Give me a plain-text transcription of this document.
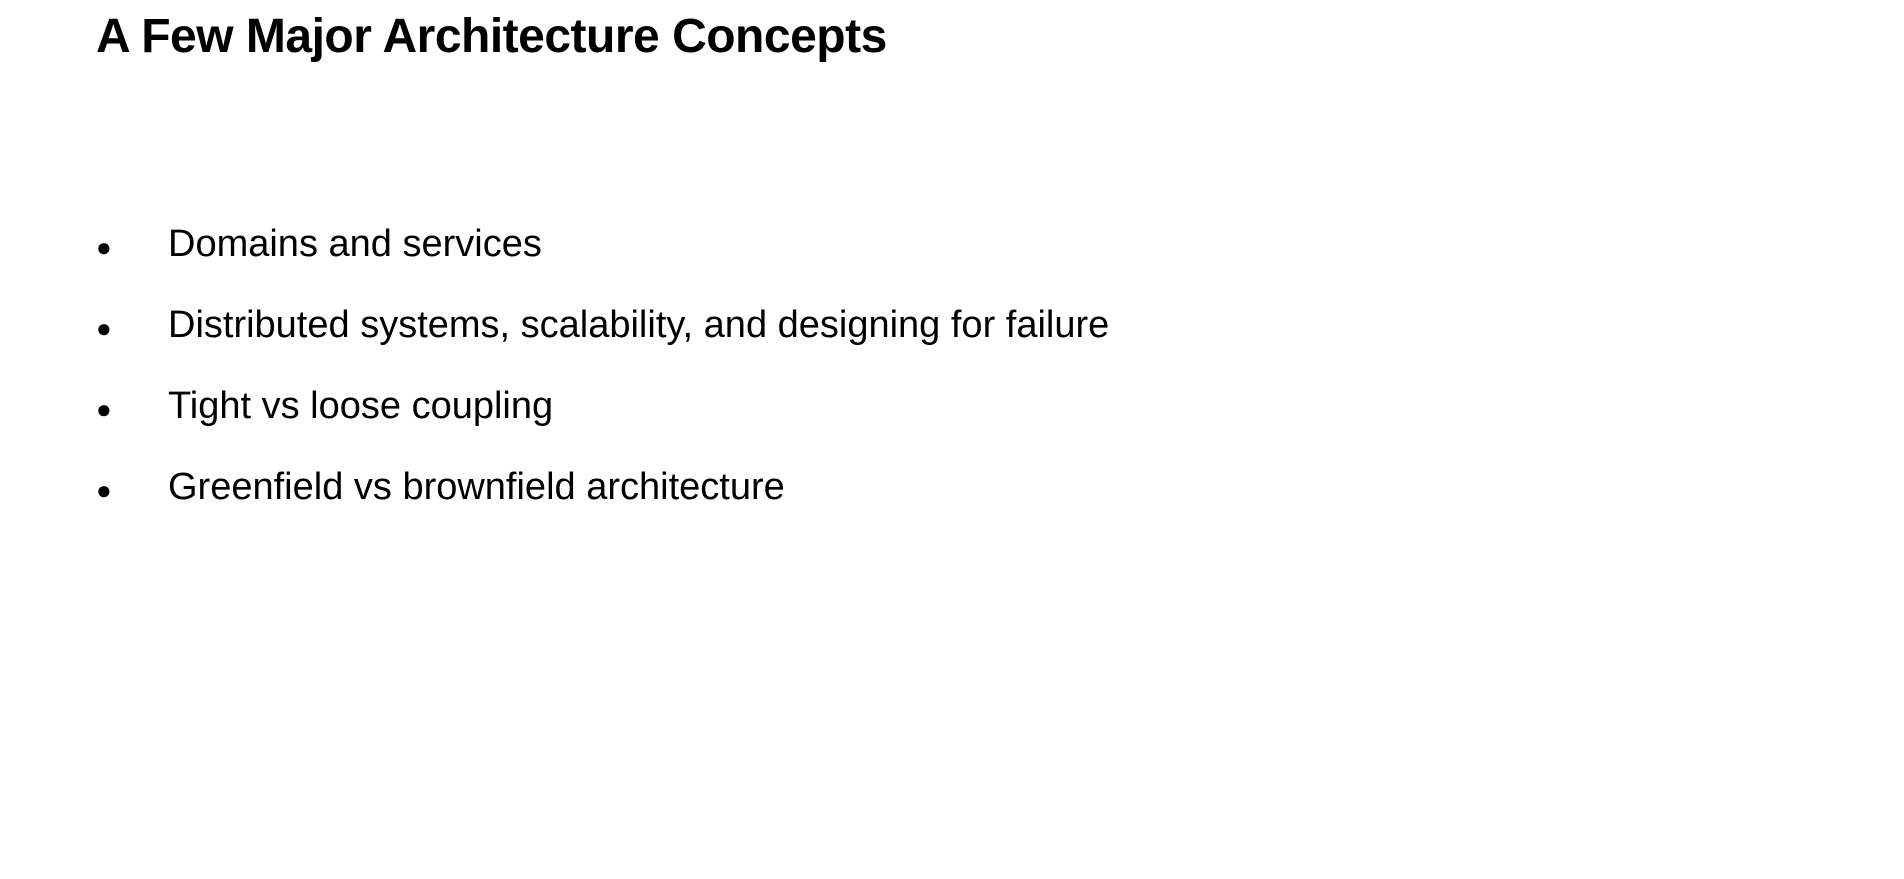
A Few Major Architecture Concepts
●	Domains and services
●	Distributed systems, scalability, and designing for failure
●	Tight vs loose coupling
●	Greenfield vs brownfield architecture
